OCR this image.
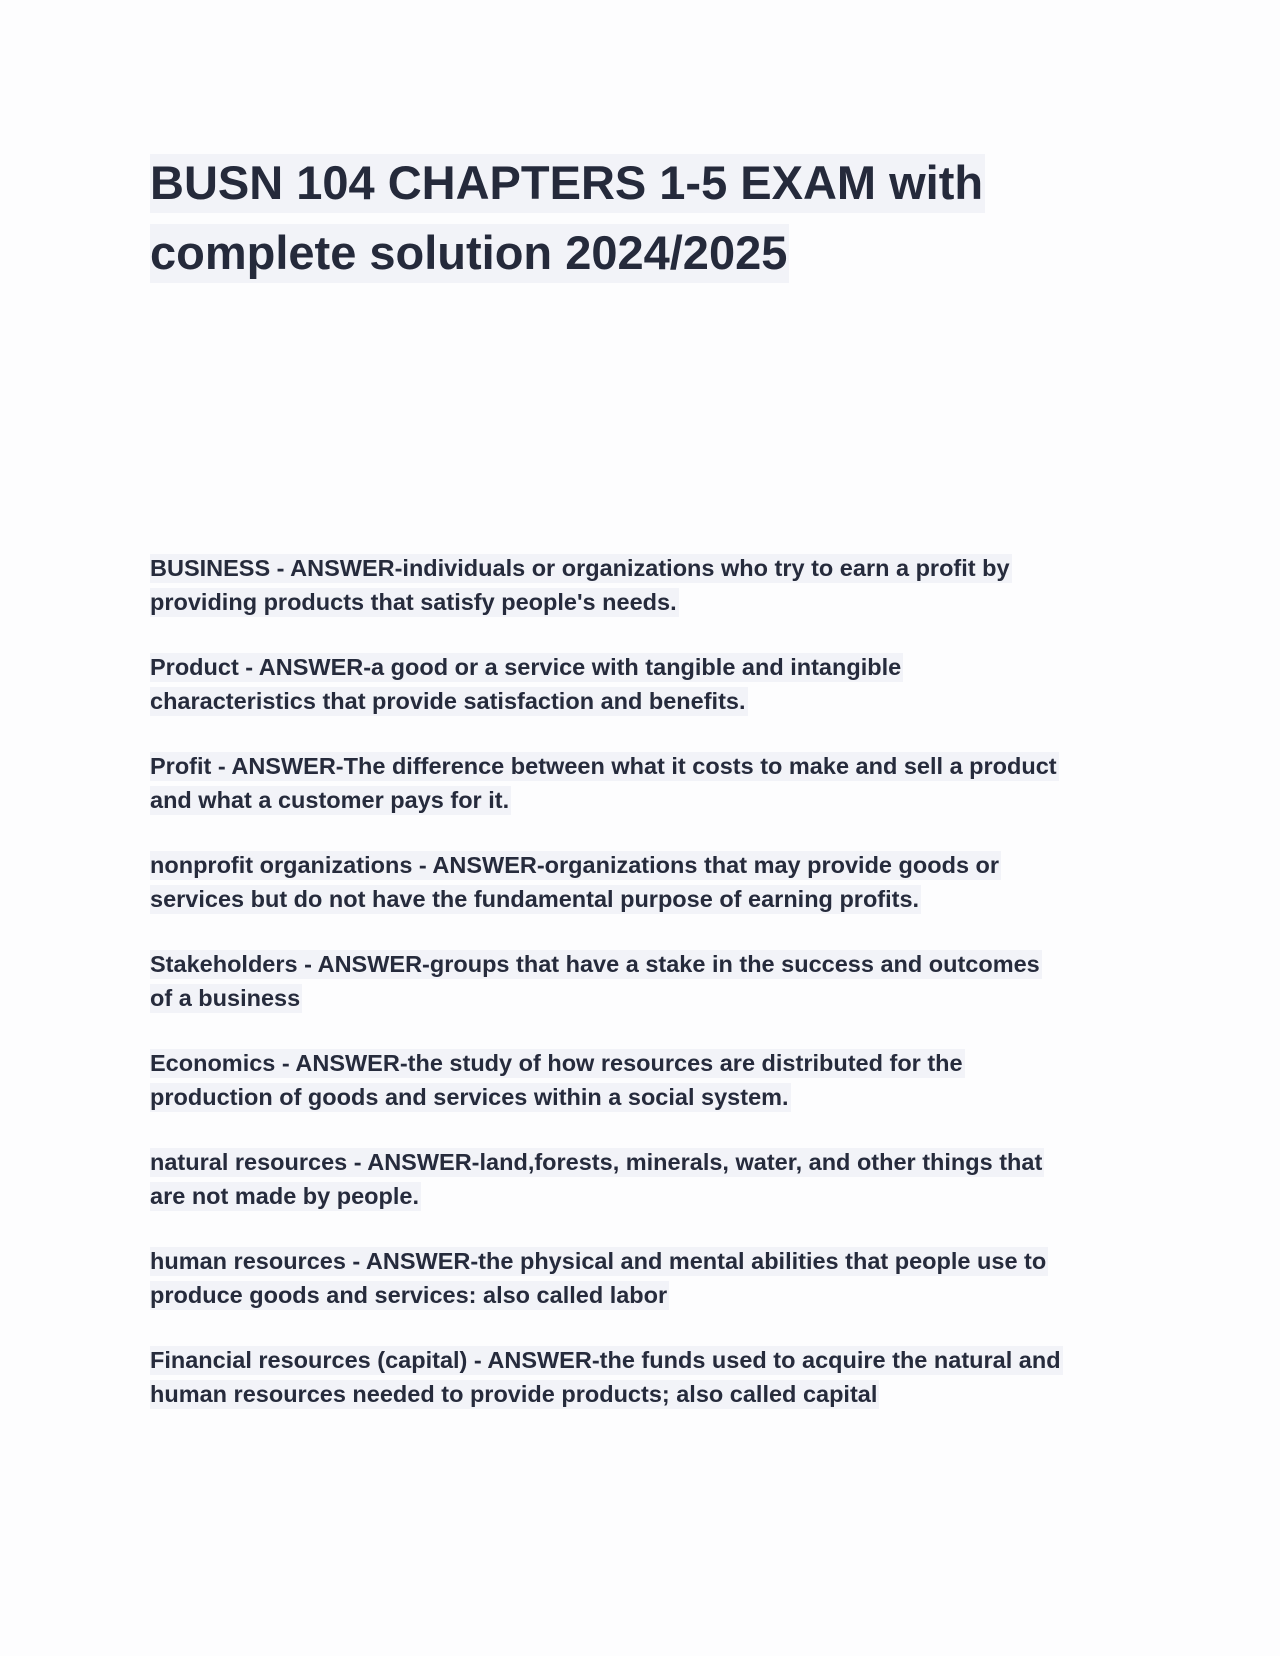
BUSN 104 CHAPTERS 1-5 EXAM with
complete solution 2024/2025
BUSINESS - ANSWER-individuals or organizations who try to earn a profit by
providing products that satisfy people's needs.
Product - ANSWER-a good or a service with tangible and intangible
characteristics that provide satisfaction and benefits.
Profit - ANSWER-The difference between what it costs to make and sell a product
and what a customer pays for it.
nonprofit organizations - ANSWER-organizations that may provide goods or
services but do not have the fundamental purpose of earning profits.
Stakeholders - ANSWER-groups that have a stake in the success and outcomes
of a business
Economics - ANSWER-the study of how resources are distributed for the
production of goods and services within a social system.
natural resources - ANSWER-land,forests, minerals, water, and other things that
are not made by people.
human resources - ANSWER-the physical and mental abilities that people use to
produce goods and services: also called labor
Financial resources (capital) - ANSWER-the funds used to acquire the natural and
human resources needed to provide products; also called capital
